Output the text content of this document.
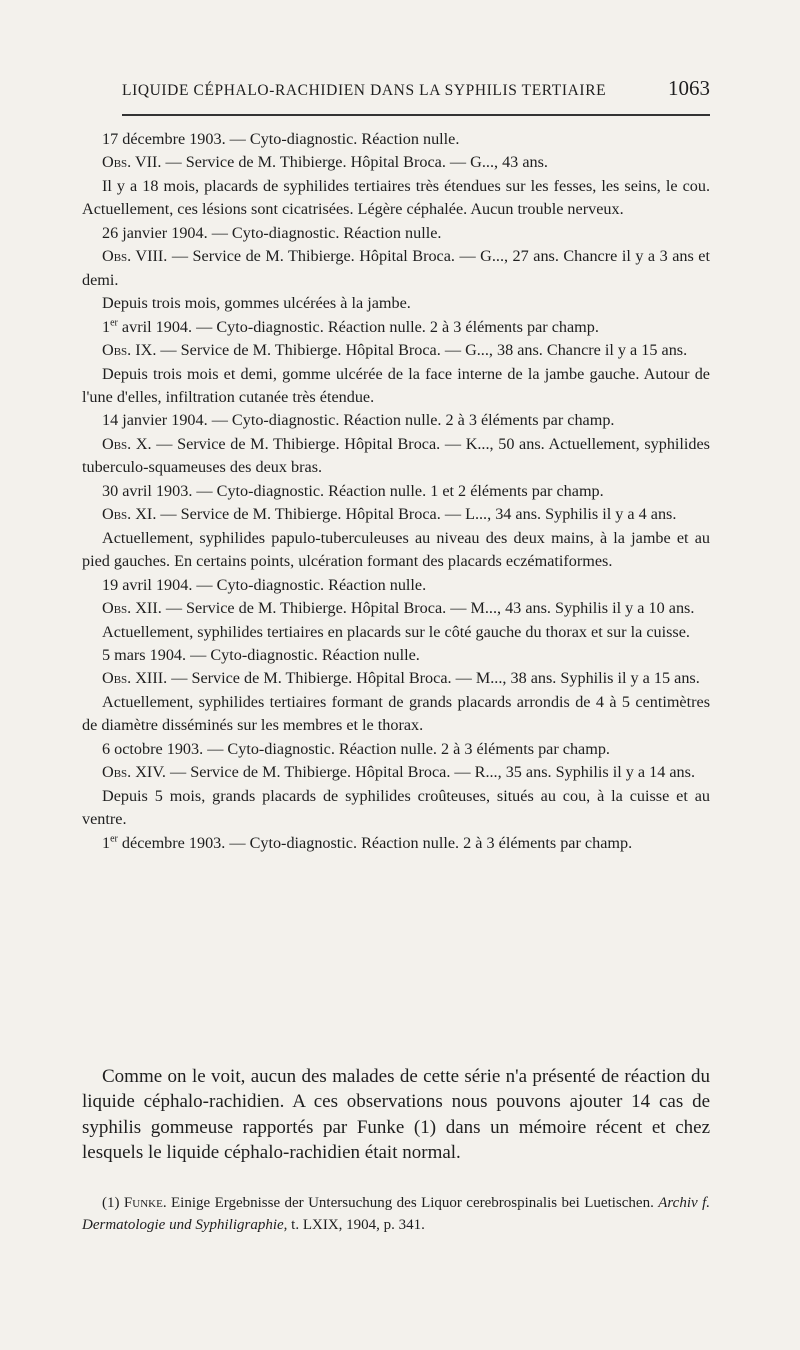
LIQUIDE CÉPHALO-RACHIDIEN DANS LA SYPHILIS TERTIAIRE	1063
17 décembre 1903. — Cyto-diagnostic. Réaction nulle.
Obs. VII. — Service de M. Thibierge. Hôpital Broca. — G..., 43 ans.
Il y a 18 mois, placards de syphilides tertiaires très étendues sur les fesses, les seins, le cou. Actuellement, ces lésions sont cicatrisées. Légère céphalée. Aucun trouble nerveux.
26 janvier 1904. — Cyto-diagnostic. Réaction nulle.
Obs. VIII. — Service de M. Thibierge. Hôpital Broca. — G..., 27 ans. Chancre il y a 3 ans et demi.
Depuis trois mois, gommes ulcérées à la jambe.
1er avril 1904. — Cyto-diagnostic. Réaction nulle. 2 à 3 éléments par champ.
Obs. IX. — Service de M. Thibierge. Hôpital Broca. — G..., 38 ans. Chancre il y a 15 ans.
Depuis trois mois et demi, gomme ulcérée de la face interne de la jambe gauche. Autour de l'une d'elles, infiltration cutanée très étendue.
14 janvier 1904. — Cyto-diagnostic. Réaction nulle. 2 à 3 éléments par champ.
Obs. X. — Service de M. Thibierge. Hôpital Broca. — K..., 50 ans. Actuellement, syphilides tuberculo-squameuses des deux bras.
30 avril 1903. — Cyto-diagnostic. Réaction nulle. 1 et 2 éléments par champ.
Obs. XI. — Service de M. Thibierge. Hôpital Broca. — L..., 34 ans. Syphilis il y a 4 ans.
Actuellement, syphilides papulo-tuberculeuses au niveau des deux mains, à la jambe et au pied gauches. En certains points, ulcération formant des placards eczématiformes.
19 avril 1904. — Cyto-diagnostic. Réaction nulle.
Obs. XII. — Service de M. Thibierge. Hôpital Broca. — M..., 43 ans. Syphilis il y a 10 ans.
Actuellement, syphilides tertiaires en placards sur le côté gauche du thorax et sur la cuisse.
5 mars 1904. — Cyto-diagnostic. Réaction nulle.
Obs. XIII. — Service de M. Thibierge. Hôpital Broca. — M..., 38 ans. Syphilis il y a 15 ans.
Actuellement, syphilides tertiaires formant de grands placards arrondis de 4 à 5 centimètres de diamètre disséminés sur les membres et le thorax.
6 octobre 1903. — Cyto-diagnostic. Réaction nulle. 2 à 3 éléments par champ.
Obs. XIV. — Service de M. Thibierge. Hôpital Broca. — R..., 35 ans. Syphilis il y a 14 ans.
Depuis 5 mois, grands placards de syphilides croûteuses, situés au cou, à la cuisse et au ventre.
1er décembre 1903. — Cyto-diagnostic. Réaction nulle. 2 à 3 éléments par champ.
Comme on le voit, aucun des malades de cette série n'a présenté de réaction du liquide céphalo-rachidien. A ces observations nous pouvons ajouter 14 cas de syphilis gommeuse rapportés par Funke (1) dans un mémoire récent et chez lesquels le liquide céphalo-rachidien était normal.
(1) Funke. Einige Ergebnisse der Untersuchung des Liquor cerebrospinalis bei Luetischen. Archiv f. Dermatologie und Syphiligraphie, t. LXIX, 1904, p. 341.
